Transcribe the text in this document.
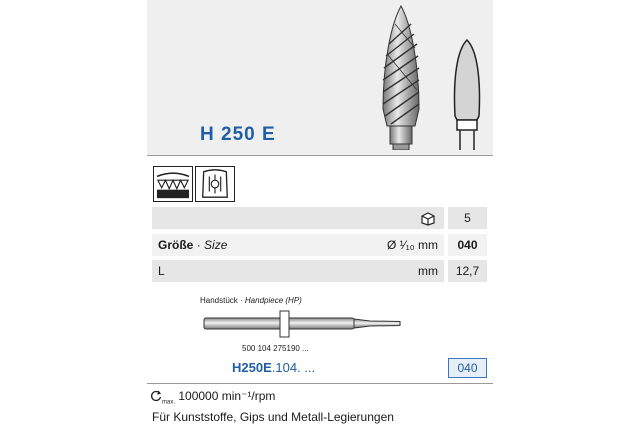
H 250 E
5
Größe · Size	Ø ¹⁄₁₀ mm	040
L	mm	12,7
Handstück · Handpiece (HP)
500 104 275190 ...
H250E.104. ...	040
$_{max.}$ 100000 min⁻¹/rpm
Für Kunststoffe, Gips und Metall-Legierungen
